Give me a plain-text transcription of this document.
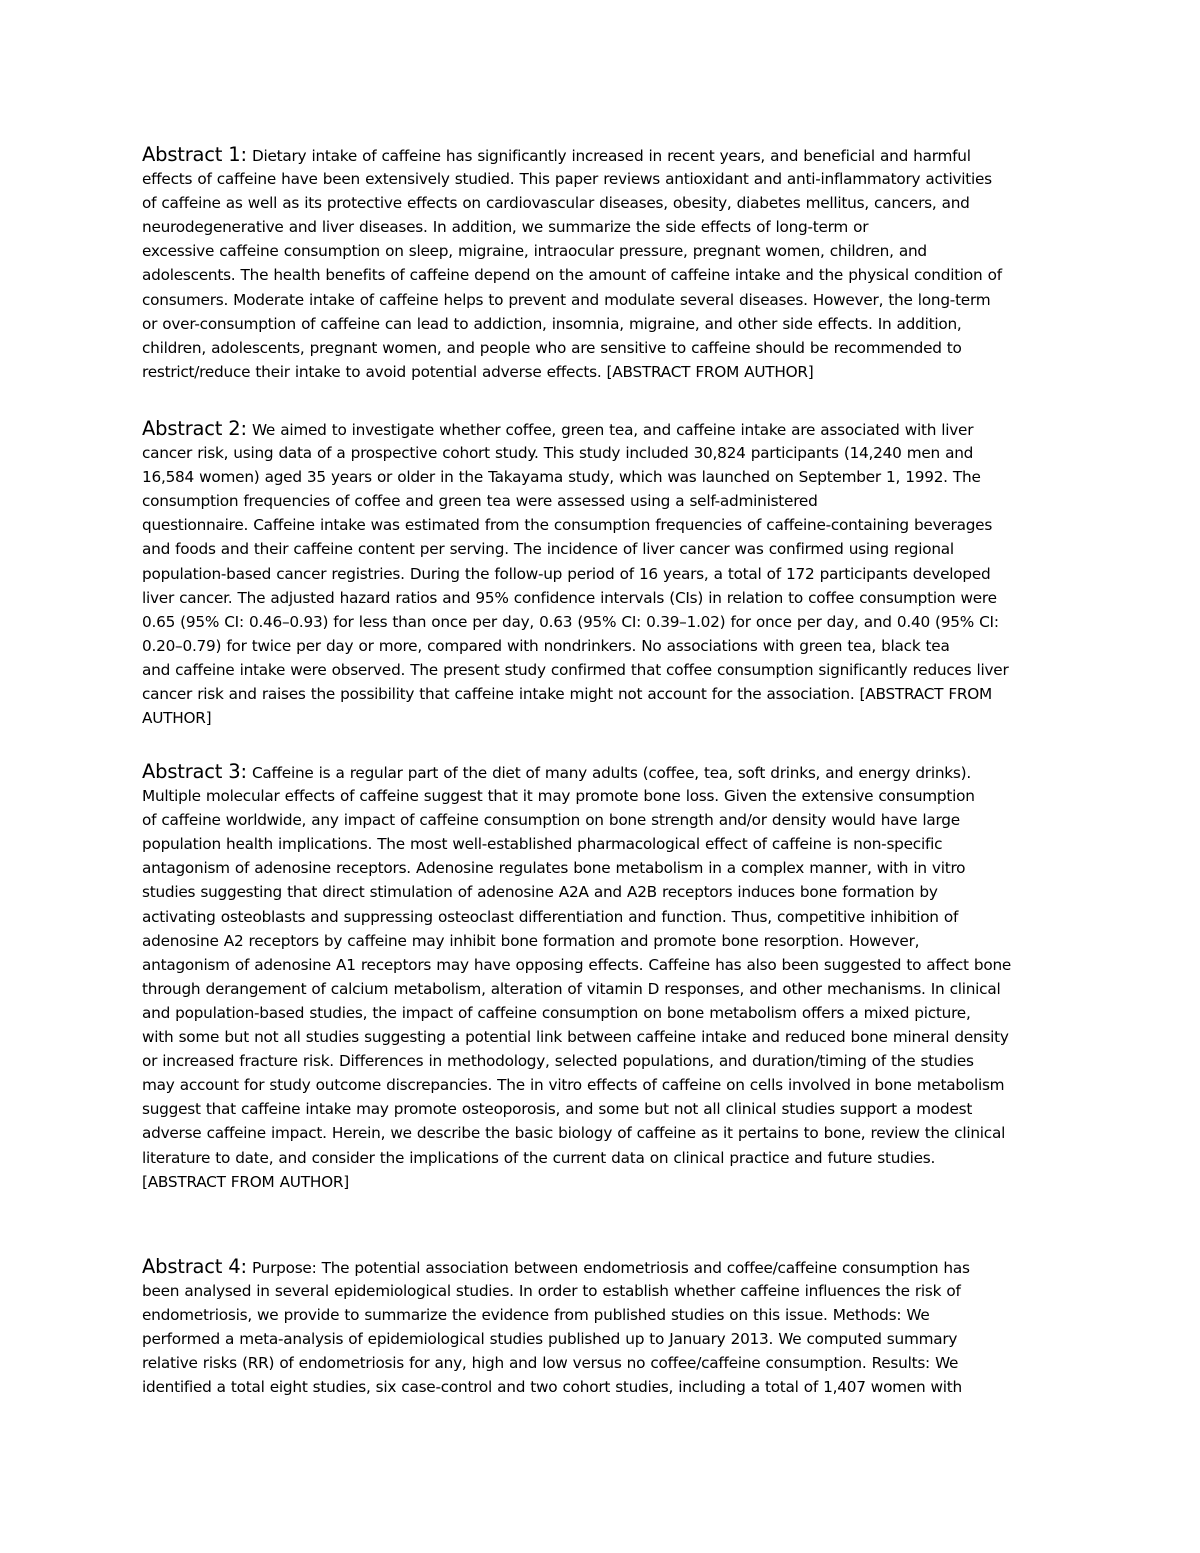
Abstract 1: Dietary intake of caffeine has significantly increased in recent years, and beneficial and harmful
effects of caffeine have been extensively studied. This paper reviews antioxidant and anti-inflammatory activities
of caffeine as well as its protective effects on cardiovascular diseases, obesity, diabetes mellitus, cancers, and
neurodegenerative and liver diseases. In addition, we summarize the side effects of long-term or
excessive caffeine consumption on sleep, migraine, intraocular pressure, pregnant women, children, and
adolescents. The health benefits of caffeine depend on the amount of caffeine intake and the physical condition of
consumers. Moderate intake of caffeine helps to prevent and modulate several diseases. However, the long-term
or over-consumption of caffeine can lead to addiction, insomnia, migraine, and other side effects. In addition,
children, adolescents, pregnant women, and people who are sensitive to caffeine should be recommended to
restrict/reduce their intake to avoid potential adverse effects. [ABSTRACT FROM AUTHOR]
Abstract 2: We aimed to investigate whether coffee, green tea, and caffeine intake are associated with liver
cancer risk, using data of a prospective cohort study. This study included 30,824 participants (14,240 men and
16,584 women) aged 35 years or older in the Takayama study, which was launched on September 1, 1992. The
consumption frequencies of coffee and green tea were assessed using a self-administered
questionnaire. Caffeine intake was estimated from the consumption frequencies of caffeine-containing beverages
and foods and their caffeine content per serving. The incidence of liver cancer was confirmed using regional
population-based cancer registries. During the follow-up period of 16 years, a total of 172 participants developed
liver cancer. The adjusted hazard ratios and 95% confidence intervals (CIs) in relation to coffee consumption were
0.65 (95% CI: 0.46–0.93) for less than once per day, 0.63 (95% CI: 0.39–1.02) for once per day, and 0.40 (95% CI:
0.20–0.79) for twice per day or more, compared with nondrinkers. No associations with green tea, black tea
and caffeine intake were observed. The present study confirmed that coffee consumption significantly reduces liver
cancer risk and raises the possibility that caffeine intake might not account for the association. [ABSTRACT FROM
AUTHOR]
Abstract 3: Caffeine is a regular part of the diet of many adults (coffee, tea, soft drinks, and energy drinks).
Multiple molecular effects of caffeine suggest that it may promote bone loss. Given the extensive consumption
of caffeine worldwide, any impact of caffeine consumption on bone strength and/or density would have large
population health implications. The most well-established pharmacological effect of caffeine is non-specific
antagonism of adenosine receptors. Adenosine regulates bone metabolism in a complex manner, with in vitro
studies suggesting that direct stimulation of adenosine A2A and A2B receptors induces bone formation by
activating osteoblasts and suppressing osteoclast differentiation and function. Thus, competitive inhibition of
adenosine A2 receptors by caffeine may inhibit bone formation and promote bone resorption. However,
antagonism of adenosine A1 receptors may have opposing effects. Caffeine has also been suggested to affect bone
through derangement of calcium metabolism, alteration of vitamin D responses, and other mechanisms. In clinical
and population-based studies, the impact of caffeine consumption on bone metabolism offers a mixed picture,
with some but not all studies suggesting a potential link between caffeine intake and reduced bone mineral density
or increased fracture risk. Differences in methodology, selected populations, and duration/timing of the studies
may account for study outcome discrepancies. The in vitro effects of caffeine on cells involved in bone metabolism
suggest that caffeine intake may promote osteoporosis, and some but not all clinical studies support a modest
adverse caffeine impact. Herein, we describe the basic biology of caffeine as it pertains to bone, review the clinical
literature to date, and consider the implications of the current data on clinical practice and future studies.
[ABSTRACT FROM AUTHOR]
Abstract 4: Purpose: The potential association between endometriosis and coffee/caffeine consumption has
been analysed in several epidemiological studies. In order to establish whether caffeine influences the risk of
endometriosis, we provide to summarize the evidence from published studies on this issue. Methods: We
performed a meta-analysis of epidemiological studies published up to January 2013. We computed summary
relative risks (RR) of endometriosis for any, high and low versus no coffee/caffeine consumption. Results: We
identified a total eight studies, six case-control and two cohort studies, including a total of 1,407 women with
